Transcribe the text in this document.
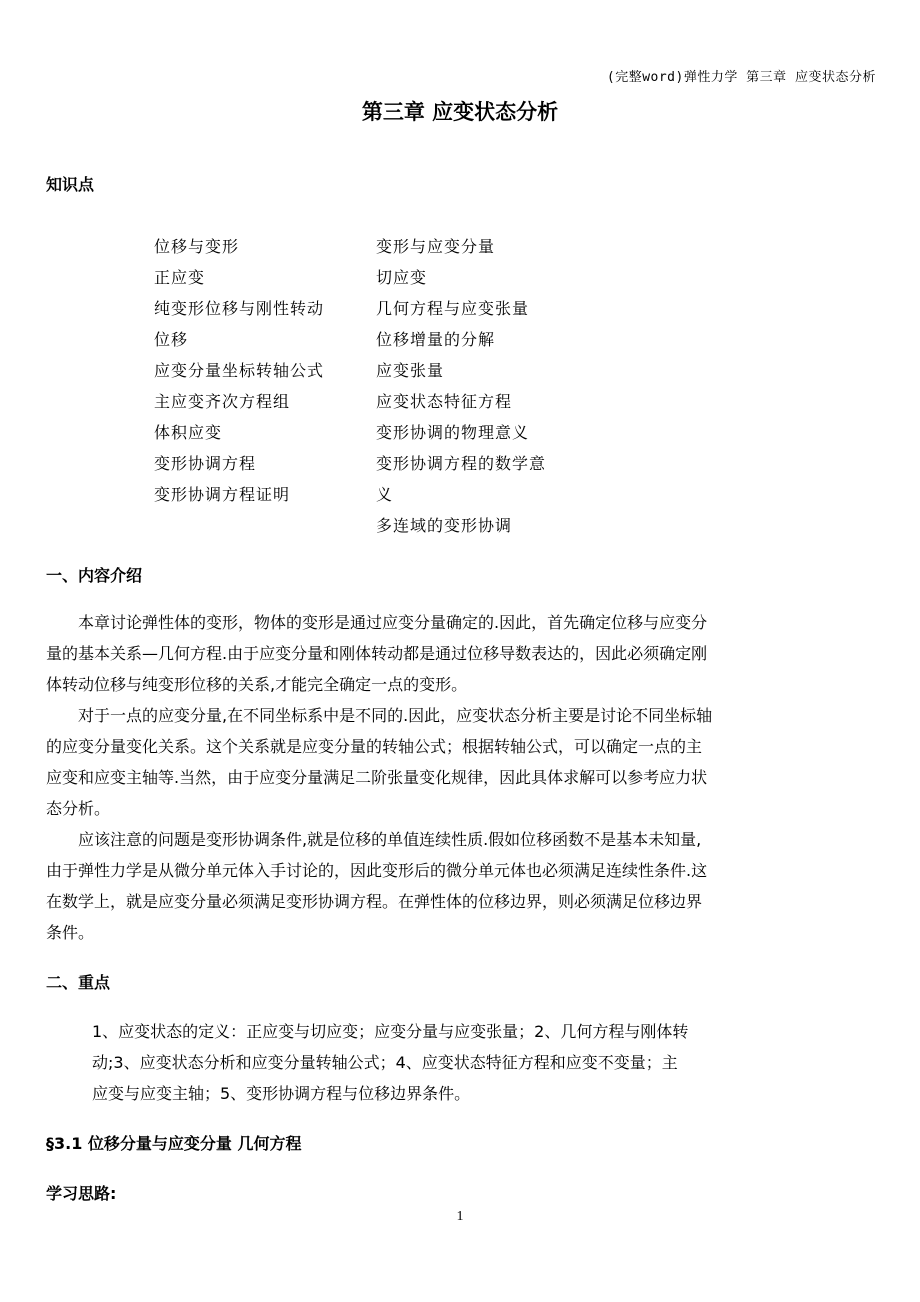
(完整word)弹性力学 第三章 应变状态分析
第三章 应变状态分析
知识点
位移与变形
正应变
纯变形位移与刚性转动
位移
应变分量坐标转轴公式
主应变齐次方程组
体积应变
变形协调方程
变形协调方程证明
变形与应变分量
切应变
几何方程与应变张量
位移增量的分解
应变张量
应变状态特征方程
变形协调的物理意义
变形协调方程的数学意
义
多连域的变形协调
一、内容介绍
本章讨论弹性体的变形，物体的变形是通过应变分量确定的.因此，首先确定位移与应变分
量的基本关系—几何方程.由于应变分量和刚体转动都是通过位移导数表达的，因此必须确定刚
体转动位移与纯变形位移的关系,才能完全确定一点的变形。
对于一点的应变分量,在不同坐标系中是不同的.因此，应变状态分析主要是讨论不同坐标轴
的应变分量变化关系。这个关系就是应变分量的转轴公式；根据转轴公式，可以确定一点的主
应变和应变主轴等.当然，由于应变分量满足二阶张量变化规律，因此具体求解可以参考应力状
态分析。
应该注意的问题是变形协调条件,就是位移的单值连续性质.假如位移函数不是基本未知量,
由于弹性力学是从微分单元体入手讨论的，因此变形后的微分单元体也必须满足连续性条件.这
在数学上，就是应变分量必须满足变形协调方程。在弹性体的位移边界，则必须满足位移边界
条件。
二、重点
1、应变状态的定义：正应变与切应变；应变分量与应变张量；2、几何方程与刚体转
动;3、应变状态分析和应变分量转轴公式；4、应变状态特征方程和应变不变量；主
应变与应变主轴；5、变形协调方程与位移边界条件。
§3.1 位移分量与应变分量 几何方程
学习思路:
1
